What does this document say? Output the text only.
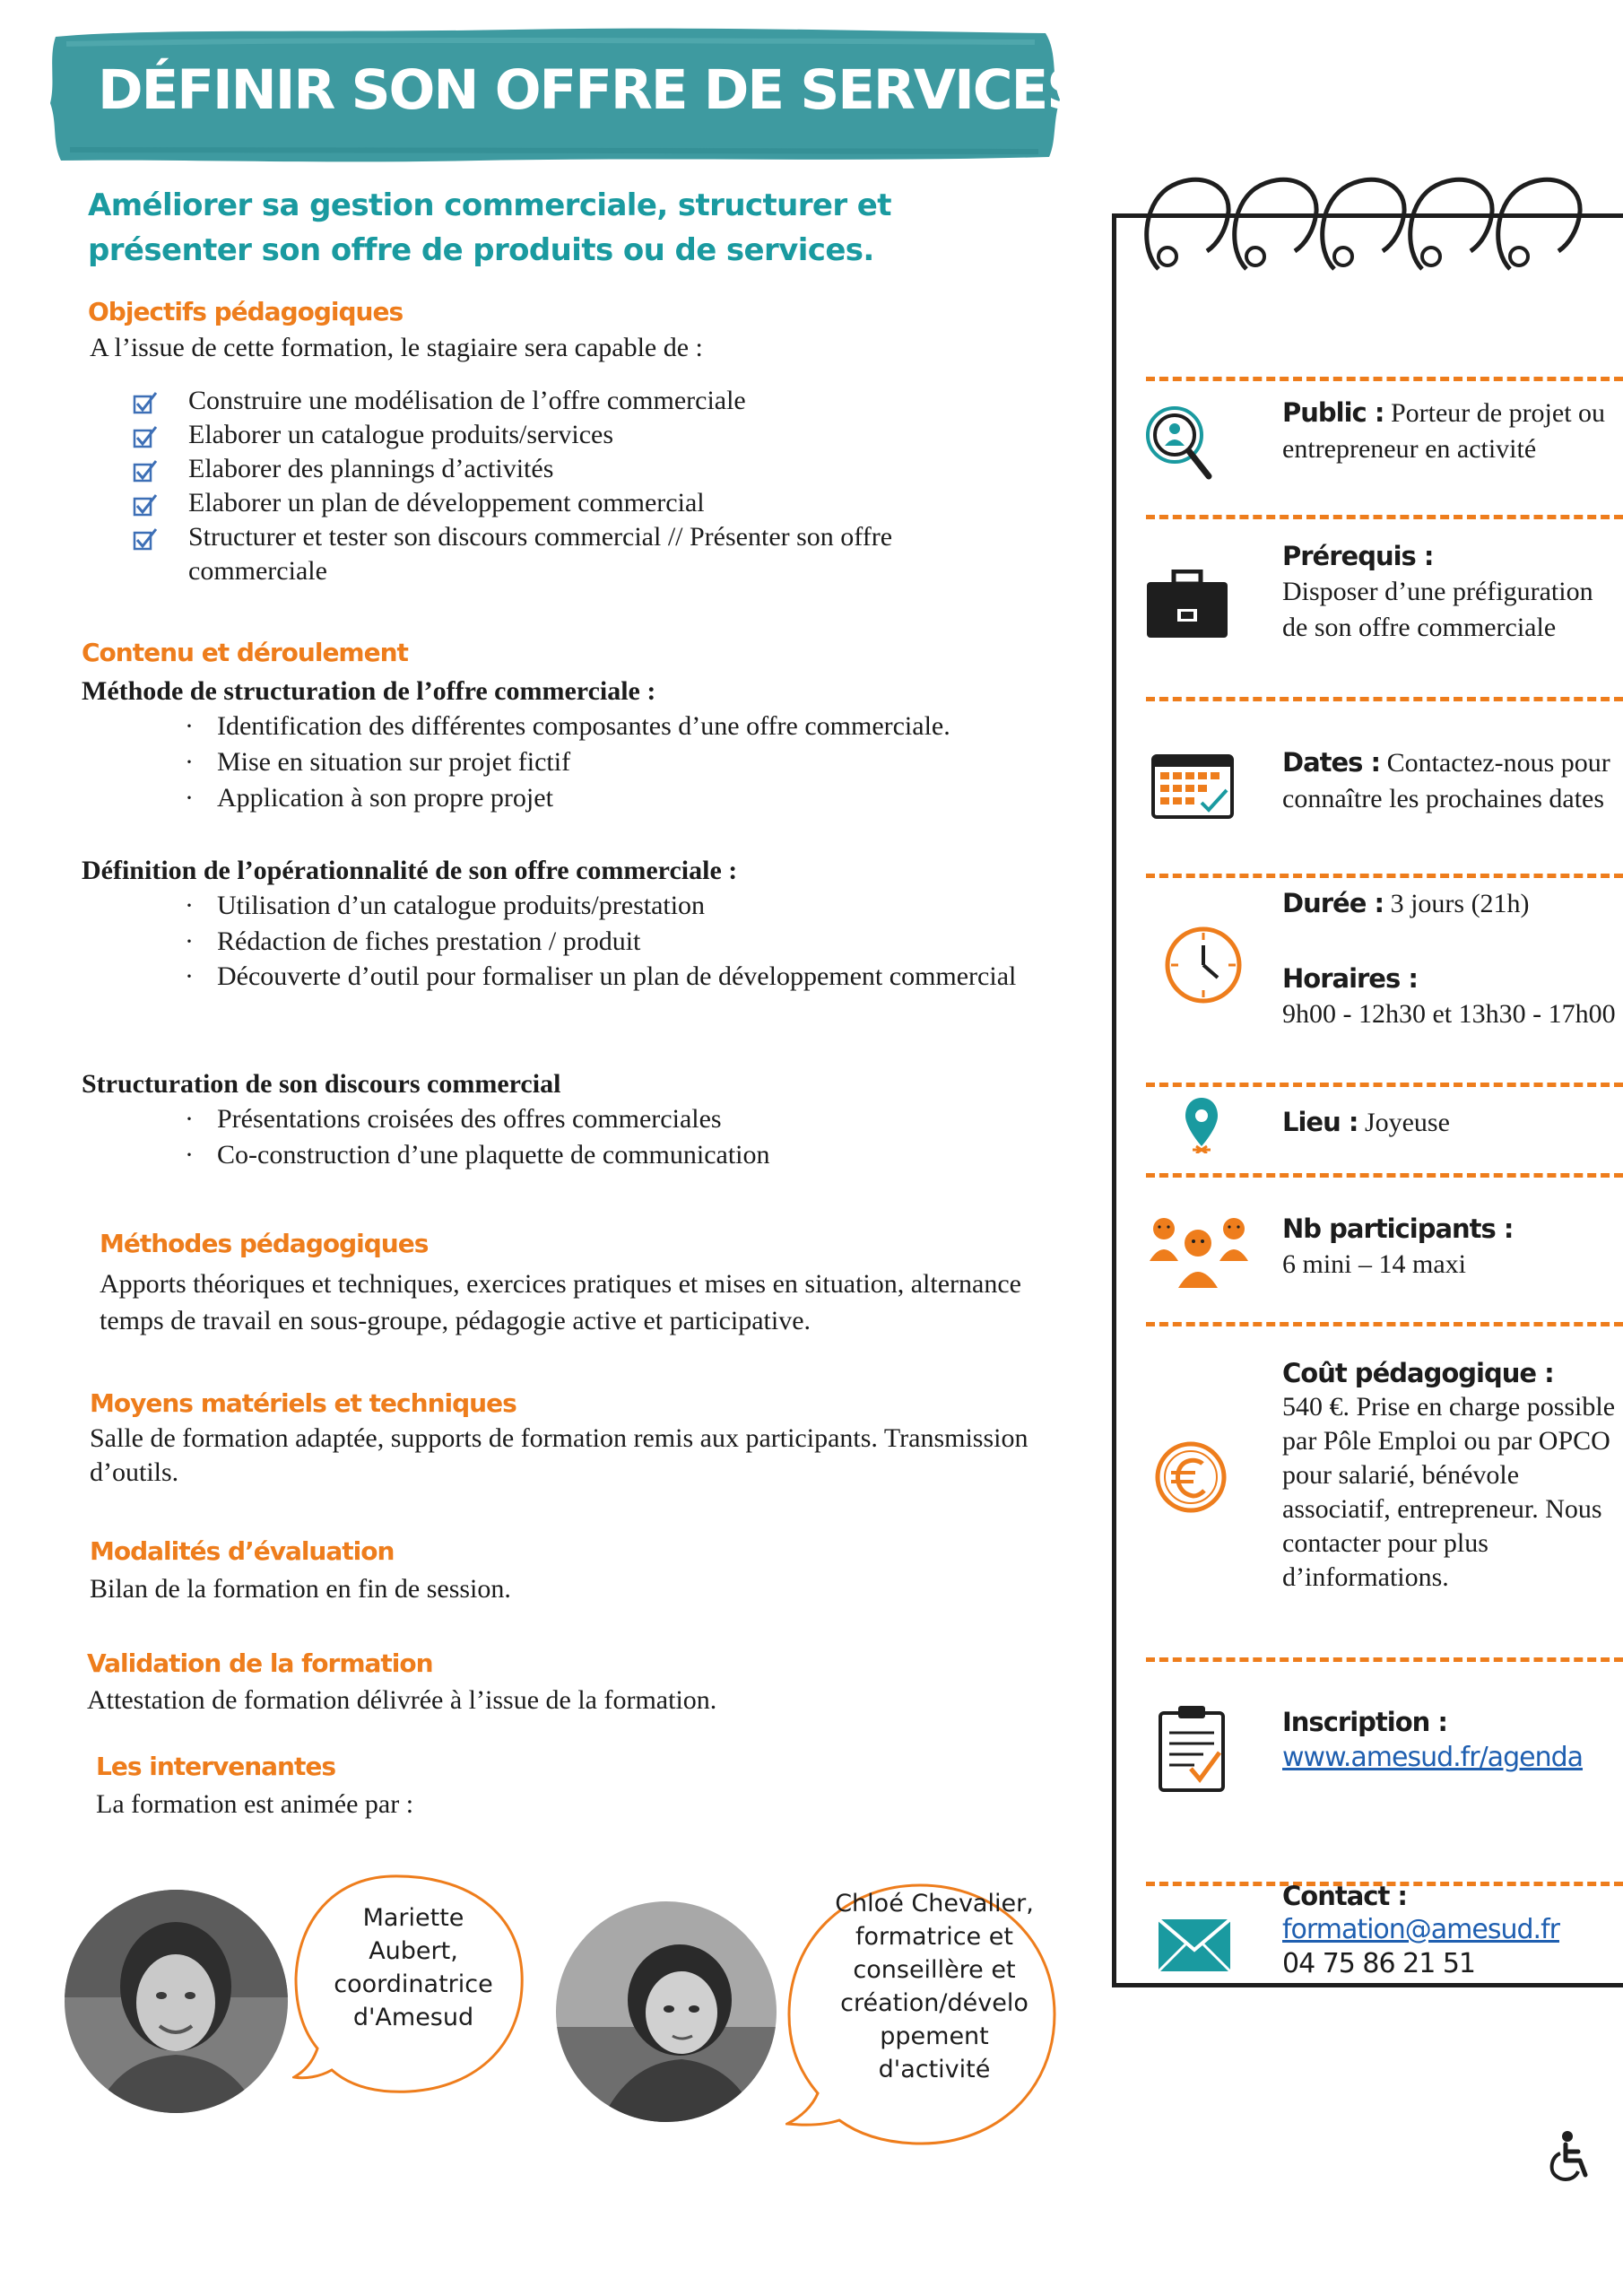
DÉFINIR SON OFFRE DE SERVICES
Améliorer sa gestion commerciale, structurer et présenter son offre de produits ou de services.
Objectifs pédagogiques
A l’issue de cette formation, le stagiaire sera capable de :
Construire une modélisation de l’offre commerciale
Elaborer un catalogue produits/services
Elaborer des plannings d’activités
Elaborer un plan de développement commercial
Structurer et tester son discours commercial // Présenter son offre commerciale
Contenu et déroulement
Méthode de structuration de l’offre commerciale :
· Identification des différentes composantes d’une offre commerciale.
· Mise en situation sur projet fictif
· Application à son propre projet
Définition de l’opérationnalité de son offre commerciale :
· Utilisation d’un catalogue produits/prestation
· Rédaction de fiches prestation / produit
· Découverte d’outil pour formaliser un plan de développement commercial
Structuration de son discours commercial
· Présentations croisées des offres commerciales
· Co-construction d’une plaquette de communication
Méthodes pédagogiques
Apports théoriques et techniques, exercices pratiques et mises en situation, alternance temps de travail en sous-groupe, pédagogie active et participative.
Moyens matériels et techniques
Salle de formation adaptée, supports de formation remis aux participants. Transmission d’outils.
Modalités d’évaluation
Bilan de la formation en fin de session.
Validation de la formation
Attestation de formation délivrée à l’issue de la formation.
Les intervenantes
La formation est animée par :
Mariette Aubert, coordinatrice d'Amesud
Chloé Chevalier, formatrice et conseillère et création/dévelo ppement d'activité
Public : Porteur de projet ou entrepreneur en activité
Prérequis :
Disposer d’une préfiguration de son offre commerciale
Dates : Contactez-nous pour connaître les prochaines dates
Durée : 3 jours (21h)
Horaires :
9h00 - 12h30 et 13h30 - 17h00
Lieu : Joyeuse
Nb participants :
6 mini – 14 maxi
Coût pédagogique :
540 €. Prise en charge possible par Pôle Emploi ou par OPCO pour salarié, bénévole associatif, entrepreneur. Nous contacter pour plus d’informations.
Inscription :
www.amesud.fr/agenda
Contact :
formation@amesud.fr
04 75 86 21 51
